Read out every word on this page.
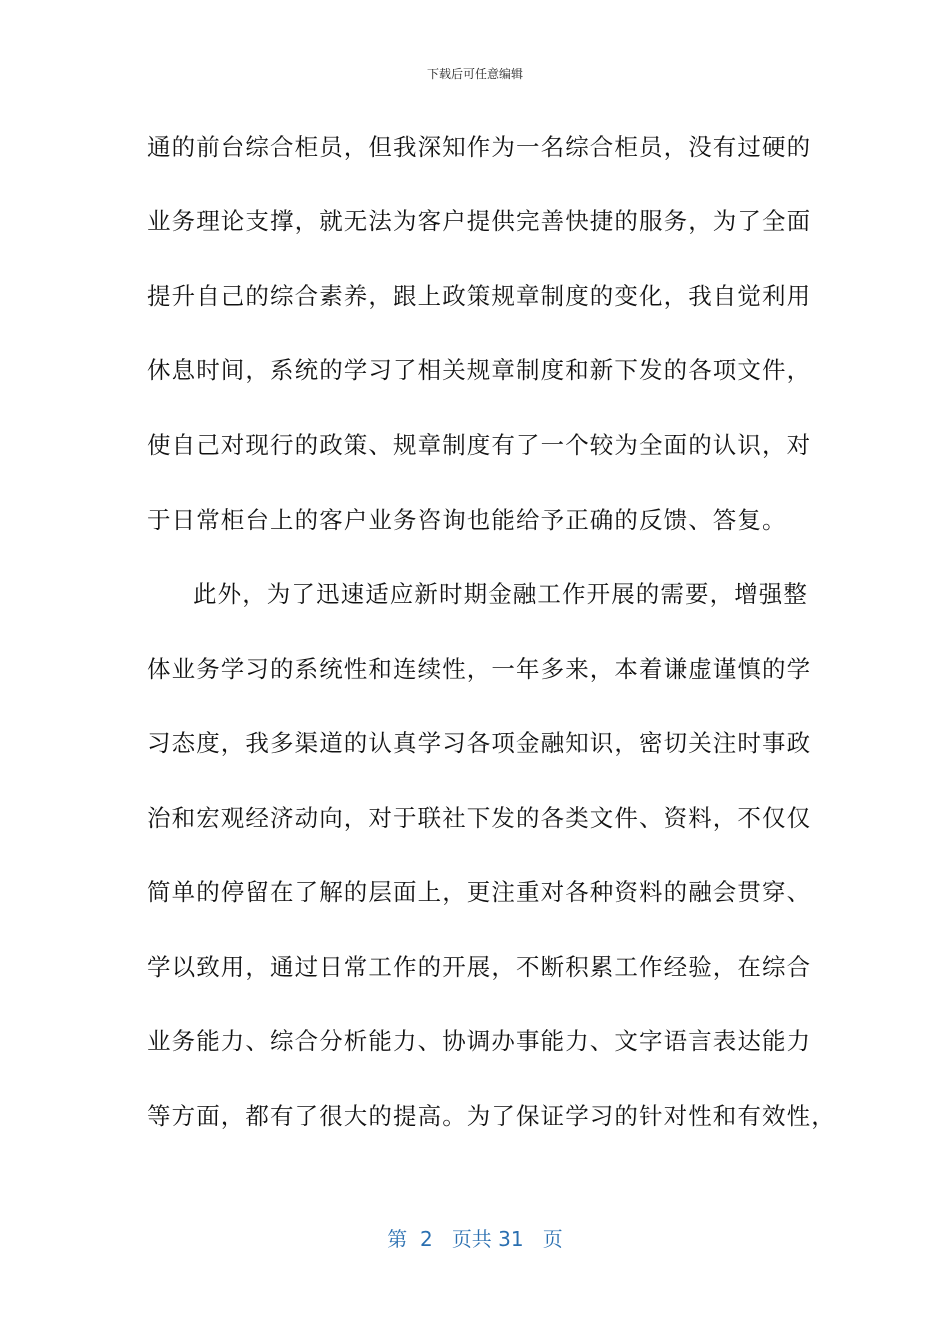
下载后可任意编辑
通的前台综合柜员，但我深知作为一名综合柜员，没有过硬的
业务理论支撑，就无法为客户提供完善快捷的服务，为了全面
提升自己的综合素养，跟上政策规章制度的变化，我自觉利用
休息时间，系统的学习了相关规章制度和新下发的各项文件，
使自己对现行的政策、规章制度有了一个较为全面的认识，对
于日常柜台上的客户业务咨询也能给予正确的反馈、答复。
此外，为了迅速适应新时期金融工作开展的需要，增强整
体业务学习的系统性和连续性，一年多来，本着谦虚谨慎的学
习态度，我多渠道的认真学习各项金融知识，密切关注时事政
治和宏观经济动向，对于联社下发的各类文件、资料，不仅仅
简单的停留在了解的层面上，更注重对各种资料的融会贯穿、
学以致用，通过日常工作的开展，不断积累工作经验，在综合
业务能力、综合分析能力、协调办事能力、文字语言表达能力
等方面，都有了很大的提高。为了保证学习的针对性和有效性，
第 2 页共 31 页
